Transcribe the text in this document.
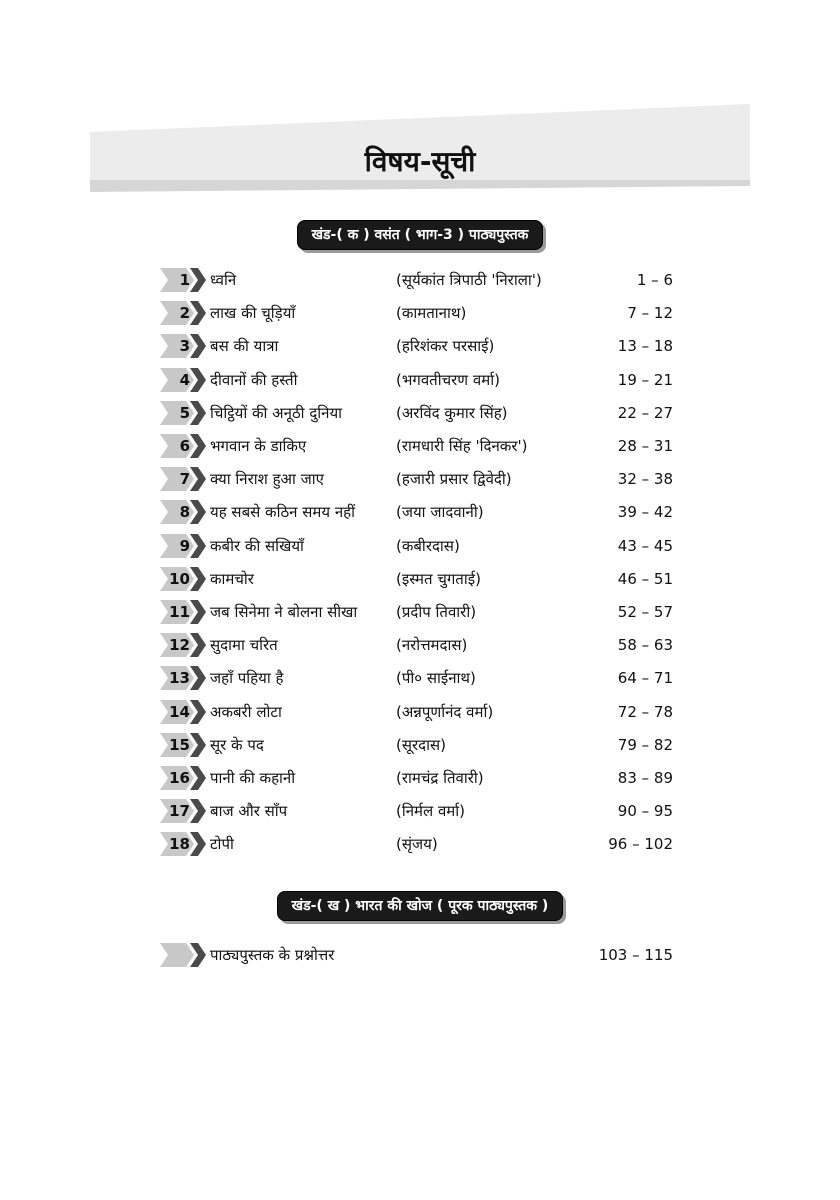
विषय-सूची
खंड-( क ) वसंत ( भाग-3 ) पाठ्यपुस्तक
1 ध्वनि	(सूर्यकांत त्रिपाठी 'निराला')	1 – 6
2 लाख की चूड़ियाँ	(कामतानाथ)	7 – 12
3 बस की यात्रा	(हरिशंकर परसाई)	13 – 18
4 दीवानों की हस्ती	(भगवतीचरण वर्मा)	19 – 21
5 चिट्ठियों की अनूठी दुनिया	(अरविंद कुमार सिंह)	22 – 27
6 भगवान के डाकिए	(रामधारी सिंह 'दिनकर')	28 – 31
7 क्या निराश हुआ जाए	(हजारी प्रसार द्विवेदी)	32 – 38
8 यह सबसे कठिन समय नहीं	(जया जादवानी)	39 – 42
9 कबीर की सखियाँ	(कबीरदास)	43 – 45
10 कामचोर	(इस्मत चुगताई)	46 – 51
11 जब सिनेमा ने बोलना सीखा	(प्रदीप तिवारी)	52 – 57
12 सुदामा चरित	(नरोत्तमदास)	58 – 63
13 जहाँ पहिया है	(पी० साईनाथ)	64 – 71
14 अकबरी लोटा	(अन्नपूर्णानंद वर्मा)	72 – 78
15 सूर के पद	(सूरदास)	79 – 82
16 पानी की कहानी	(रामचंद्र तिवारी)	83 – 89
17 बाज और साँप	(निर्मल वर्मा)	90 – 95
18 टोपी	(सृंजय)	96 – 102
खंड-( ख ) भारत की खोज ( पूरक पाठ्यपुस्तक )
पाठ्यपुस्तक के प्रश्नोत्तर	103 – 115
